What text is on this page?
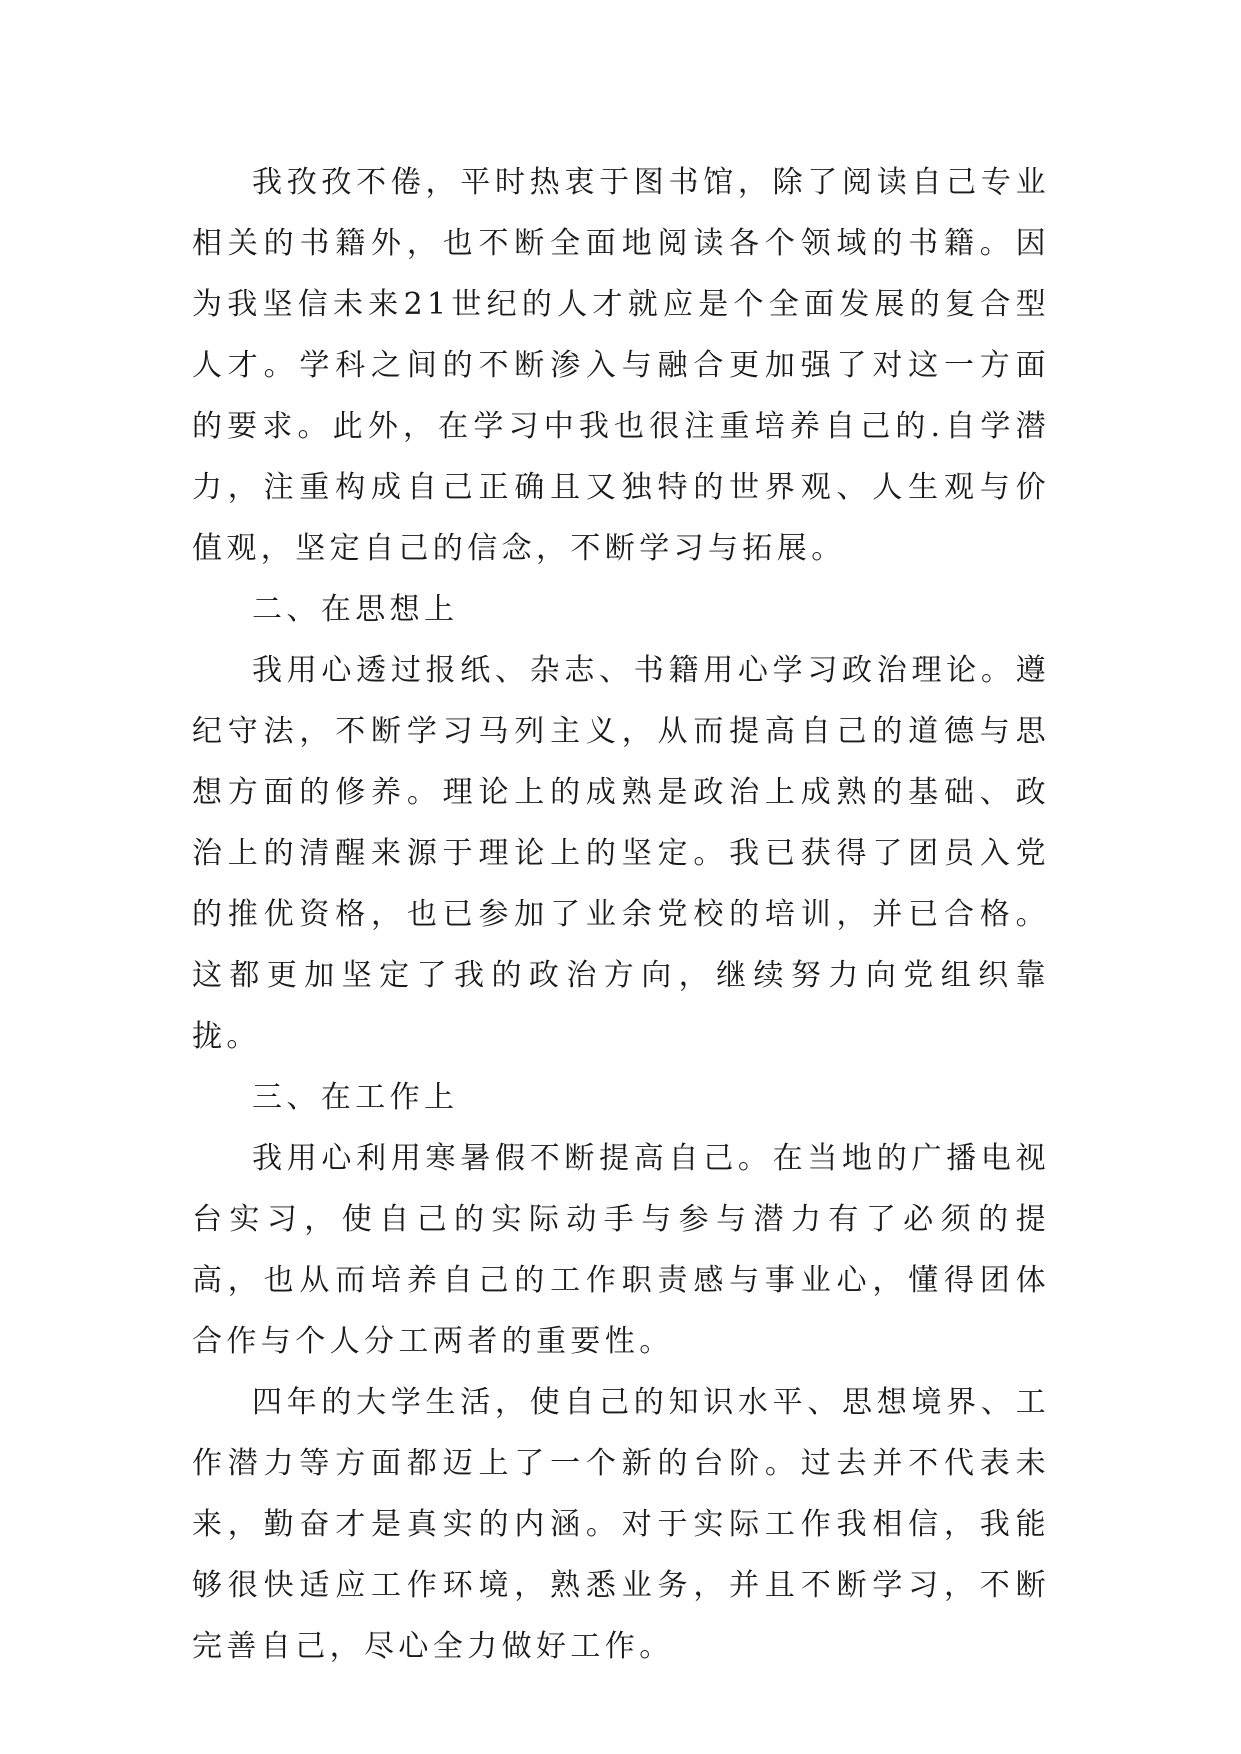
我孜孜不倦，平时热衷于图书馆，除了阅读自己专业相关的书籍外，也不断全面地阅读各个领域的书籍。因为我坚信未来21世纪的人才就应是个全面发展的复合型人才。学科之间的不断渗入与融合更加强了对这一方面的要求。此外，在学习中我也很注重培养自己的.自学潜力，注重构成自己正确且又独特的世界观、人生观与价值观，坚定自己的信念，不断学习与拓展。

二、在思想上

我用心透过报纸、杂志、书籍用心学习政治理论。遵纪守法，不断学习马列主义，从而提高自己的道德与思想方面的修养。理论上的成熟是政治上成熟的基础、政治上的清醒来源于理论上的坚定。我已获得了团员入党的推优资格，也已参加了业余党校的培训，并已合格。这都更加坚定了我的政治方向，继续努力向党组织靠拢。

三、在工作上

我用心利用寒暑假不断提高自己。在当地的广播电视台实习，使自己的实际动手与参与潜力有了必须的提高，也从而培养自己的工作职责感与事业心，懂得团体合作与个人分工两者的重要性。

四年的大学生活，使自己的知识水平、思想境界、工作潜力等方面都迈上了一个新的台阶。过去并不代表未来，勤奋才是真实的内涵。对于实际工作我相信，我能够很快适应工作环境，熟悉业务，并且不断学习，不断完善自己，尽心全力做好工作。
